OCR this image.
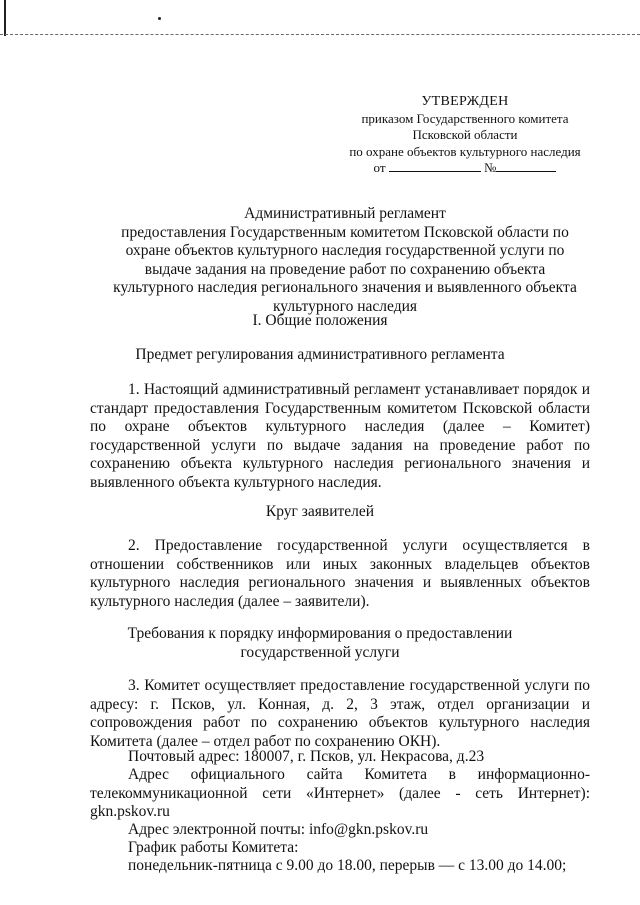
УТВЕРЖДЕН
приказом Государственного комитета
Псковской области
по охране объектов культурного наследия
от	№
Административный регламент
предоставления Государственным комитетом Псковской области по охране объектов культурного наследия государственной услуги по выдаче задания на проведение работ по сохранению объекта культурного наследия регионального значения и выявленного объекта культурного наследия
I. Общие положения
Предмет регулирования административного регламента

1. Настоящий административный регламент устанавливает порядок и стандарт предоставления Государственным комитетом Псковской области по охране объектов культурного наследия (далее – Комитет) государственной услуги по выдаче задания на проведение работ по сохранению объекта культурного наследия регионального значения и выявленного объекта культурного наследия.

Круг заявителей

2. Предоставление государственной услуги осуществляется в отношении собственников или иных законных владельцев объектов культурного наследия регионального значения и выявленных объектов культурного наследия (далее – заявители).

Требования к порядку информирования о предоставлении
государственной услуги

3. Комитет осуществляет предоставление государственной услуги по адресу: г. Псков, ул. Конная, д. 2, 3 этаж, отдел организации и сопровождения работ по сохранению объектов культурного наследия Комитета (далее – отдел работ по сохранению ОКН).

Почтовый адрес: 180007, г. Псков, ул. Некрасова, д.23

Адрес официального сайта Комитета в информационно-телекоммуникационной сети «Интернет» (далее - сеть Интернет): gkn.pskov.ru

Адрес электронной почты: info@gkn.pskov.ru
График работы Комитета:
понедельник-пятница с 9.00 до 18.00, перерыв — с 13.00 до 14.00;
